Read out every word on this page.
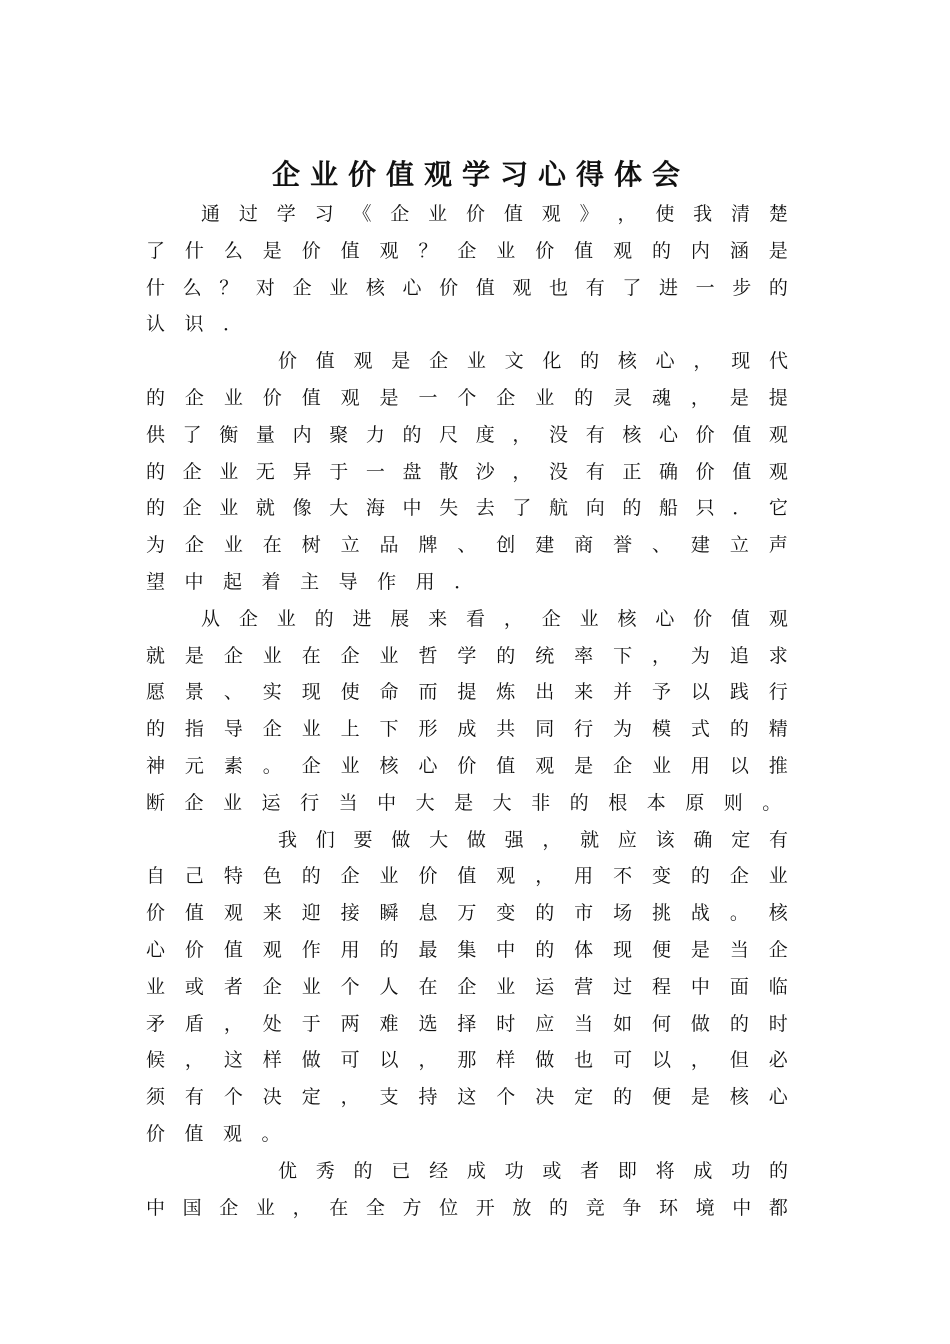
企业价值观学习心得体会
通 过 学 习 《 企 业 价 值 观 》 ， 使 我 清 楚
了 什 么 是 价 值 观 ？ 企 业 价 值 观 的 内 涵 是
什 么 ？ 对 企 业 核 心 价 值 观 也 有 了 进 一 步 的
认 识 ．
价 值 观 是 企 业 文 化 的 核 心 ， 现 代
的 企 业 价 值 观 是 一 个 企 业 的 灵 魂 ， 是 提
供 了 衡 量 内 聚 力 的 尺 度 ， 没 有 核 心 价 值 观
的 企 业 无 异 于 一 盘 散 沙 ， 没 有 正 确 价 值 观
的 企 业 就 像 大 海 中 失 去 了 航 向 的 船 只 ． 它
为 企 业 在 树 立 品 牌 、 创 建 商 誉 、 建 立 声
望 中 起 着 主 导 作 用 ．
从 企 业 的 进 展 来 看 ， 企 业 核 心 价 值 观
就 是 企 业 在 企 业 哲 学 的 统 率 下 ， 为 追 求
愿 景 、 实 现 使 命 而 提 炼 出 来 并 予 以 践 行
的 指 导 企 业 上 下 形 成 共 同 行 为 模 式 的 精
神 元 素 。 企 业 核 心 价 值 观 是 企 业 用 以 推
断 企 业 运 行 当 中 大 是 大 非 的 根 本 原 则 。
我 们 要 做 大 做 强 ， 就 应 该 确 定 有
自 己 特 色 的 企 业 价 值 观 ， 用 不 变 的 企 业
价 值 观 来 迎 接 瞬 息 万 变 的 市 场 挑 战 。 核
心 价 值 观 作 用 的 最 集 中 的 体 现 便 是 当 企
业 或 者 企 业 个 人 在 企 业 运 营 过 程 中 面 临
矛 盾 ， 处 于 两 难 选 择 时 应 当 如 何 做 的 时
候 ， 这 样 做 可 以 ， 那 样 做 也 可 以 ， 但 必
须 有 个 决 定 ， 支 持 这 个 决 定 的 便 是 核 心
价 值 观 。
优 秀 的 已 经 成 功 或 者 即 将 成 功 的
中 国 企 业 ， 在 全 方 位 开 放 的 竞 争 环 境 中 都
